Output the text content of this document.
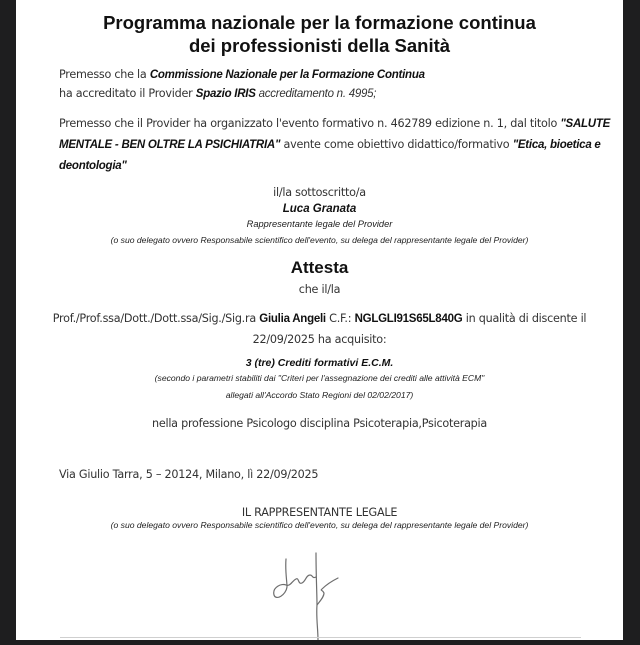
Programma nazionale per la formazione continua
dei professionisti della Sanità
Premesso che la Commissione Nazionale per la Formazione Continua
ha accreditato il Provider Spazio IRIS accreditamento n. 4995;
Premesso che il Provider ha organizzato l'evento formativo n. 462789 edizione n. 1, dal titolo "SALUTE
MENTALE - BEN OLTRE LA PSICHIATRIA" avente come obiettivo didattico/formativo "Etica, bioetica e
deontologia"
il/la sottoscritto/a
Luca Granata
Rappresentante legale del Provider
(o suo delegato ovvero Responsabile scientifico dell'evento, su delega del rappresentante legale del Provider)
Attesta
che il/la
Prof./Prof.ssa/Dott./Dott.ssa/Sig./Sig.ra Giulia Angeli C.F.: NGLGLI91S65L840G in qualità di discente il
22/09/2025 ha acquisito:
3 (tre) Crediti formativi E.C.M.
(secondo i parametri stabiliti dai "Criteri per l'assegnazione dei crediti alle attività ECM"
allegati all'Accordo Stato Regioni del 02/02/2017)
nella professione Psicologo disciplina Psicoterapia,Psicoterapia
Via Giulio Tarra, 5 – 20124, Milano, lì 22/09/2025
IL RAPPRESENTANTE LEGALE
(o suo delegato ovvero Responsabile scientifico dell'evento, su delega del rappresentante legale del Provider)
